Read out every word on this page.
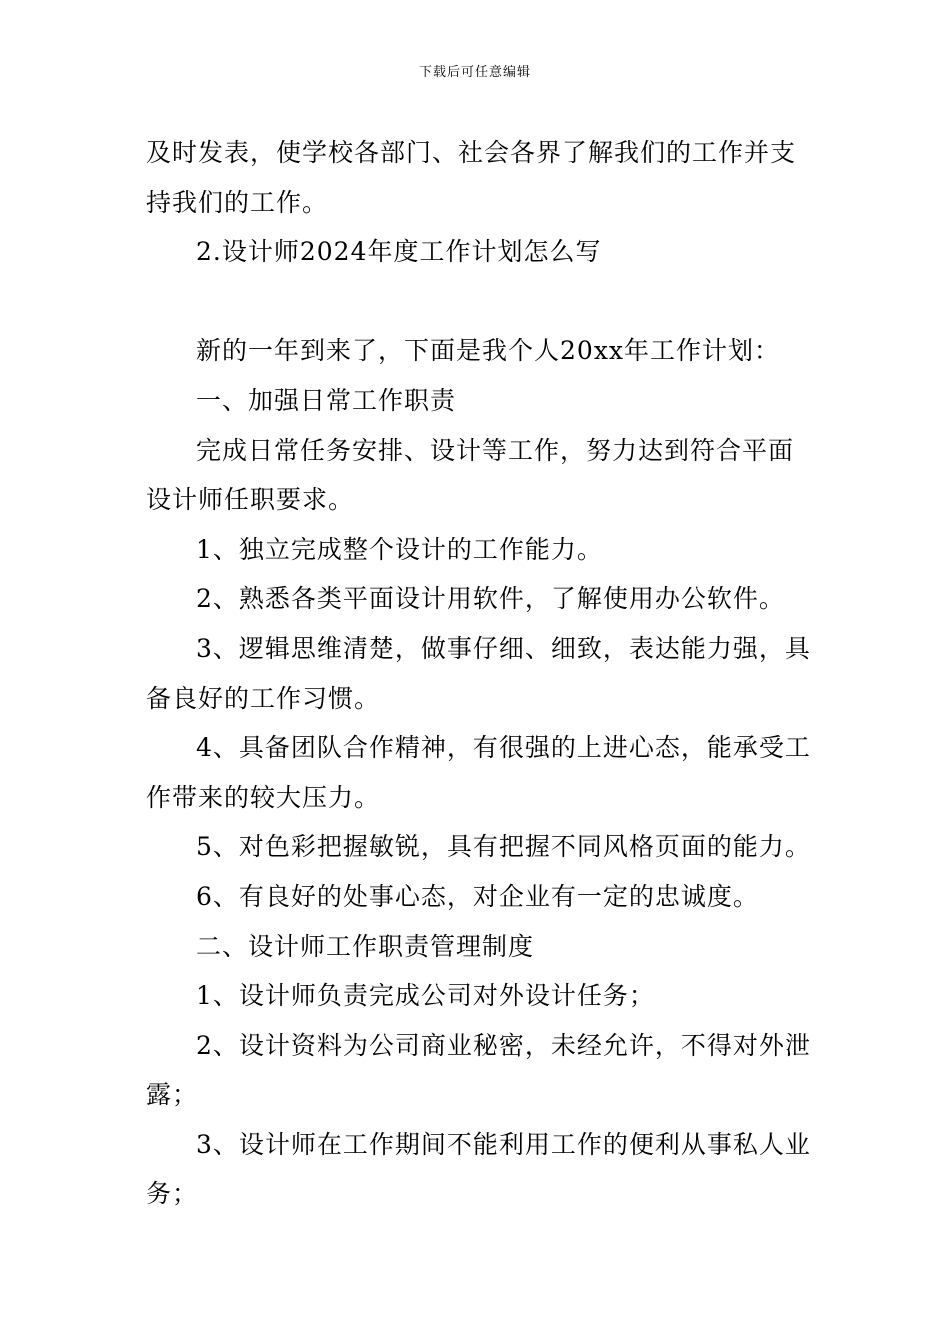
下载后可任意编辑
及时发表，使学校各部门、社会各界了解我们的工作并支
持我们的工作。
2.设计师2024年度工作计划怎么写
新的一年到来了，下面是我个人20xx年工作计划：
一、加强日常工作职责
完成日常任务安排、设计等工作，努力达到符合平面
设计师任职要求。
1、独立完成整个设计的工作能力。
2、熟悉各类平面设计用软件，了解使用办公软件。
3、逻辑思维清楚，做事仔细、细致，表达能力强，具
备良好的工作习惯。
4、具备团队合作精神，有很强的上进心态，能承受工
作带来的较大压力。
5、对色彩把握敏锐，具有把握不同风格页面的能力。
6、有良好的处事心态，对企业有一定的忠诚度。
二、设计师工作职责管理制度
1、设计师负责完成公司对外设计任务；
2、设计资料为公司商业秘密，未经允许，不得对外泄
露；
3、设计师在工作期间不能利用工作的便利从事私人业
务；
